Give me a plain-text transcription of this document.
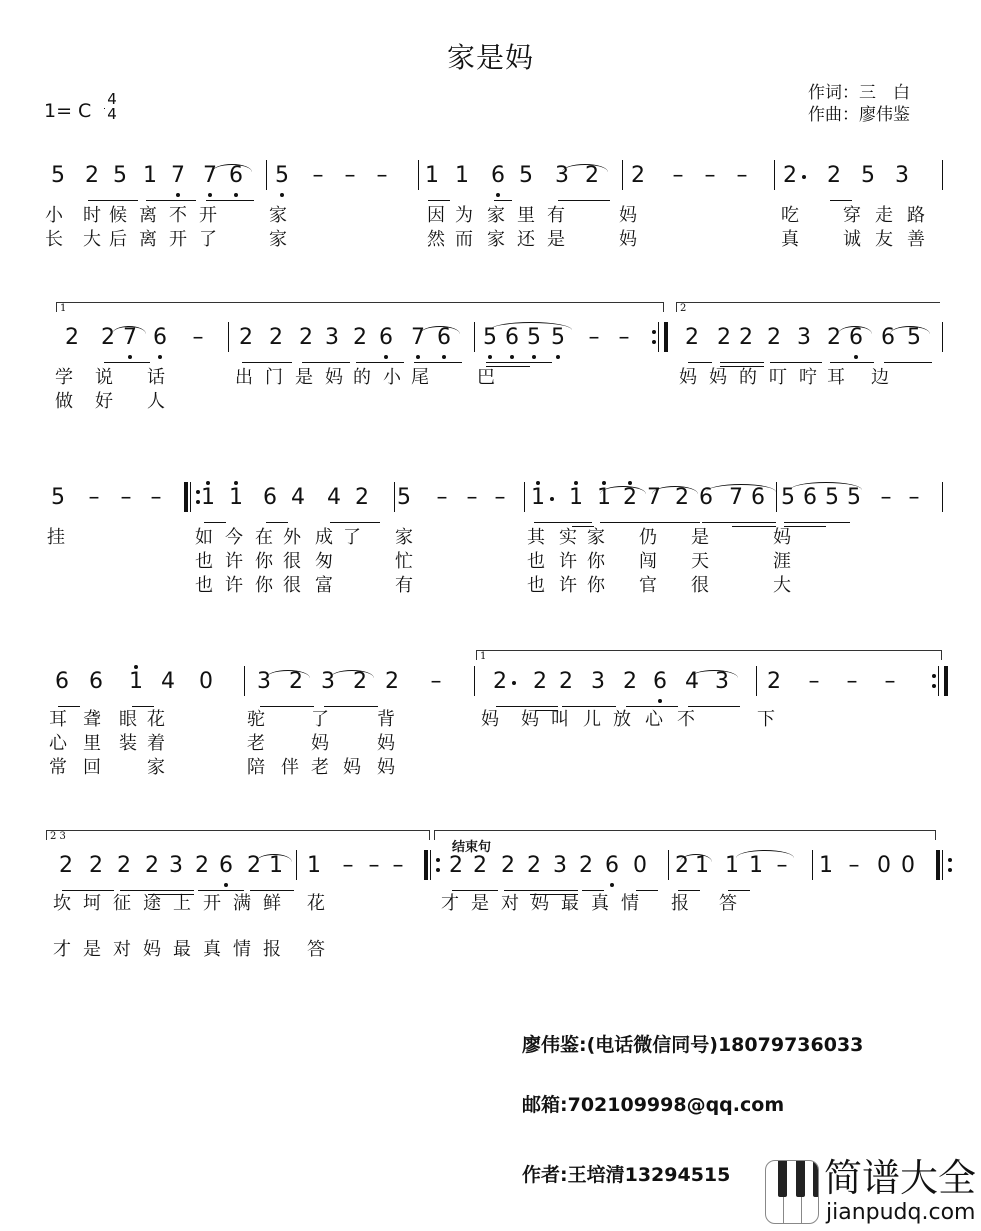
家是妈
1= C
4
4
作词：三　白
作曲：廖伟鉴
5 2 5 1 7 7 6 5 – – – 1 1 6 5 3 2 2 – – – 2 2 5 3
2 2 7 6 – 2 2 2 3 2 6 7 6 5 6 5 5 – –	2 2 2 2 3 2 6 6 5
5 – – – 1 1 6 4 4 2 5 – – – 1 1 1 2 7 2 6 7 6 5 6 5 5 – –
6 6 1 4 0 3 2 3 2 2 – 2 2 2 3 2 6 4 3 2 – – –
2 2 2 2 3 2 6 2 1 1 – – – 2 2 2 2 3 2 6 0 2 1 1 1 – 1 – 0 0
1	2
1
2 3
小 时 候 离 不 开	家	因 为 家 里 有	妈	吃 穿 走 路
长 大 后 离 开 了	家	然 而 家 还 是	妈	真 诚 友 善
学 说 话	出 门 是 妈 的 小 尾	巴	妈 妈 的 叮 咛 耳 边
做 好 人
挂	如 今 在 外 成 了 家	其 实 家 仍 是	妈
也 许 你 很 匆	忙	也 许 你 闯 天	涯
也 许 你 很 富	有	也 许 你 官 很	大
耳 聋 眼 花	驼	了	背	妈 妈 叫 儿 放 心 不	下
心 里 装 着	老	妈	妈
常 回	家	陪 伴 老 妈 妈
坎 坷 征 途 上 开 满 鲜 花	才 是 对 妈 最 真 情 报 答
才 是 对 妈 最 真 情 报 答
结束句
廖伟鉴:(电话微信同号)18079736033
邮箱:702109998@qq.com
作者:王培清13294515 简谱大全
jianpudq.com
